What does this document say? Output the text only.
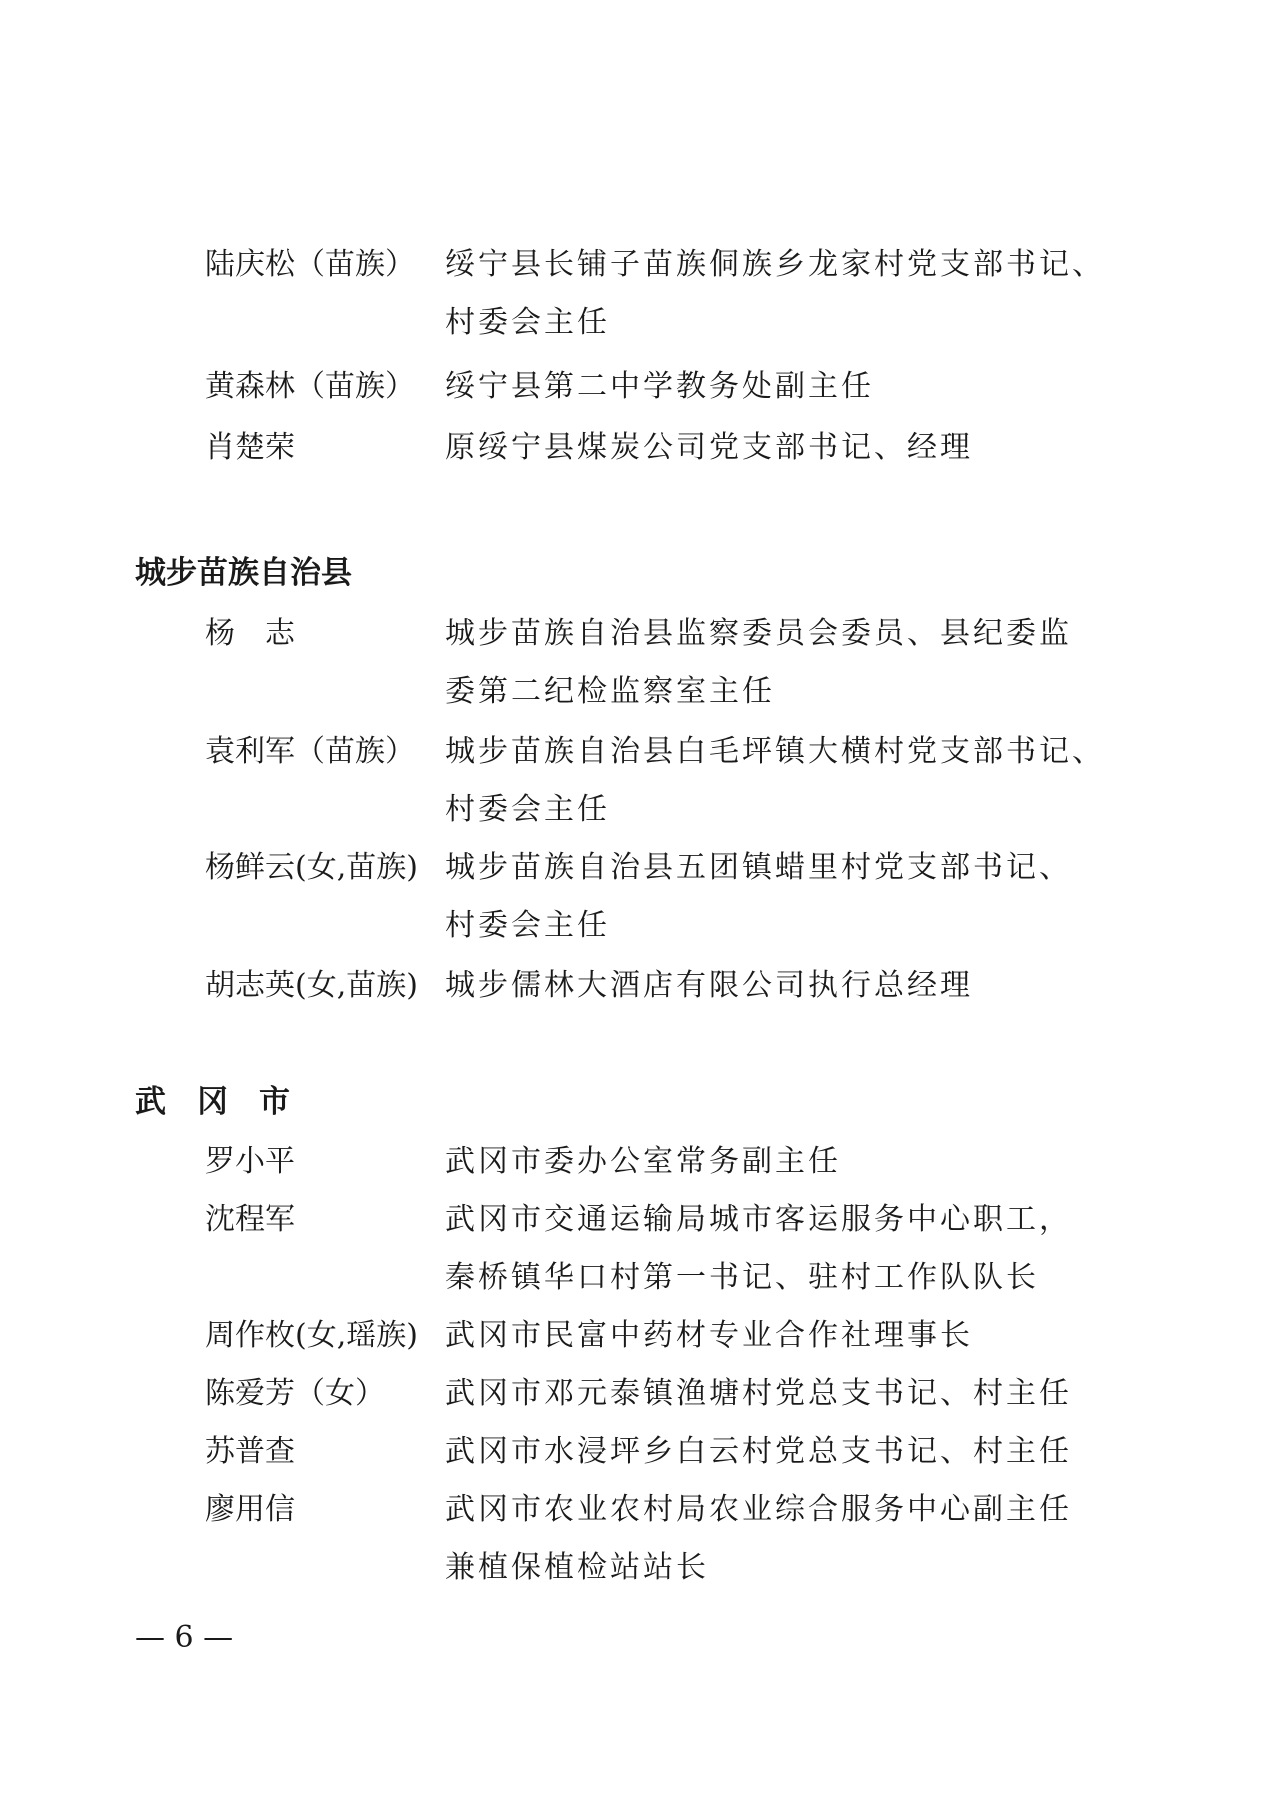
陆庆松（苗族）	绥宁县长铺子苗族侗族乡龙家村党支部书记、
村委会主任
黄森林（苗族）	绥宁县第二中学教务处副主任
肖楚荣	原绥宁县煤炭公司党支部书记、经理
城步苗族自治县
杨　志	城步苗族自治县监察委员会委员、县纪委监
委第二纪检监察室主任
袁利军（苗族）	城步苗族自治县白毛坪镇大横村党支部书记、
村委会主任
杨鲜云(女,苗族) 城步苗族自治县五团镇蜡里村党支部书记、
村委会主任
胡志英(女,苗族) 城步儒林大酒店有限公司执行总经理
武　冈　市
罗小平	武冈市委办公室常务副主任
沈程军	武冈市交通运输局城市客运服务中心职工，
秦桥镇华口村第一书记、驻村工作队队长
周作枚(女,瑶族) 武冈市民富中药材专业合作社理事长
陈爱芳（女）	武冈市邓元泰镇渔塘村党总支书记、村主任
苏普查	武冈市水浸坪乡白云村党总支书记、村主任
廖用信	武冈市农业农村局农业综合服务中心副主任
兼植保植检站站长
— 6 —
